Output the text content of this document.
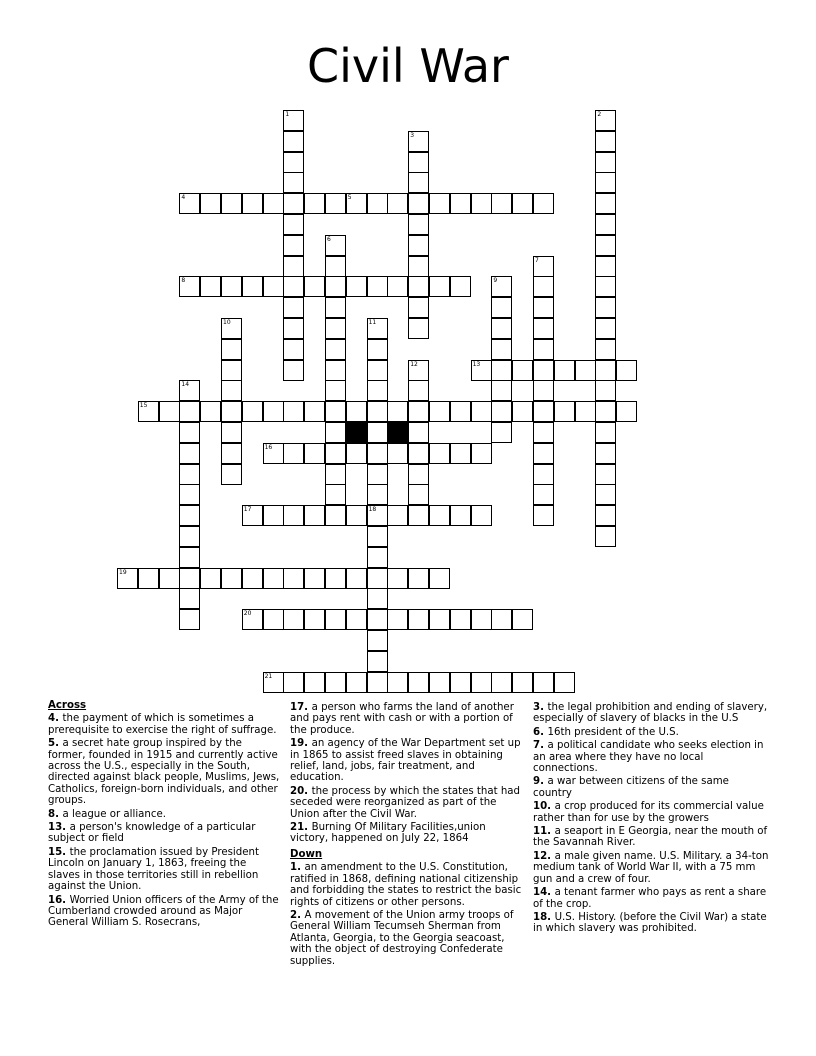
Civil War
4	5
8
13
15
16
17	18
19
20
21
1	2
3
6
7
9
10	11
12
14
Across
4. the payment of which is sometimes a prerequisite to exercise the right of suffrage.
5. a secret hate group inspired by the former, founded in 1915 and currently active across the U.S., especially in the South, directed against black people, Muslims, Jews, Catholics, foreign-born individuals, and other groups.
8. a league or alliance.
13. a person's knowledge of a particular subject or field
15. the proclamation issued by President Lincoln on January 1, 1863, freeing the slaves in those territories still in rebellion against the Union.
16. Worried Union officers of the Army of the Cumberland crowded around as Major General William S. Rosecrans,
17. a person who farms the land of another and pays rent with cash or with a portion of the produce.
19. an agency of the War Department set up in 1865 to assist freed slaves in obtaining relief, land, jobs, fair treatment, and education.
20. the process by which the states that had seceded were reorganized as part of the Union after the Civil War.
21. Burning Of Military Facilities,union victory, happened on July 22, 1864
Down
1. an amendment to the U.S. Constitution, ratified in 1868, defining national citizenship and forbidding the states to restrict the basic rights of citizens or other persons.
2. A movement of the Union army troops of General William Tecumseh Sherman from Atlanta, Georgia, to the Georgia seacoast, with the object of destroying Confederate supplies.
3. the legal prohibition and ending of slavery, especially of slavery of blacks in the U.S
6. 16th president of the U.S.
7. a political candidate who seeks election in an area where they have no local connections.
9. a war between citizens of the same country
10. a crop produced for its commercial value rather than for use by the growers
11. a seaport in E Georgia, near the mouth of the Savannah River.
12. a male given name. U.S. Military. a 34-ton medium tank of World War II, with a 75 mm gun and a crew of four.
14. a tenant farmer who pays as rent a share of the crop.
18. U.S. History. (before the Civil War) a state in which slavery was prohibited.
